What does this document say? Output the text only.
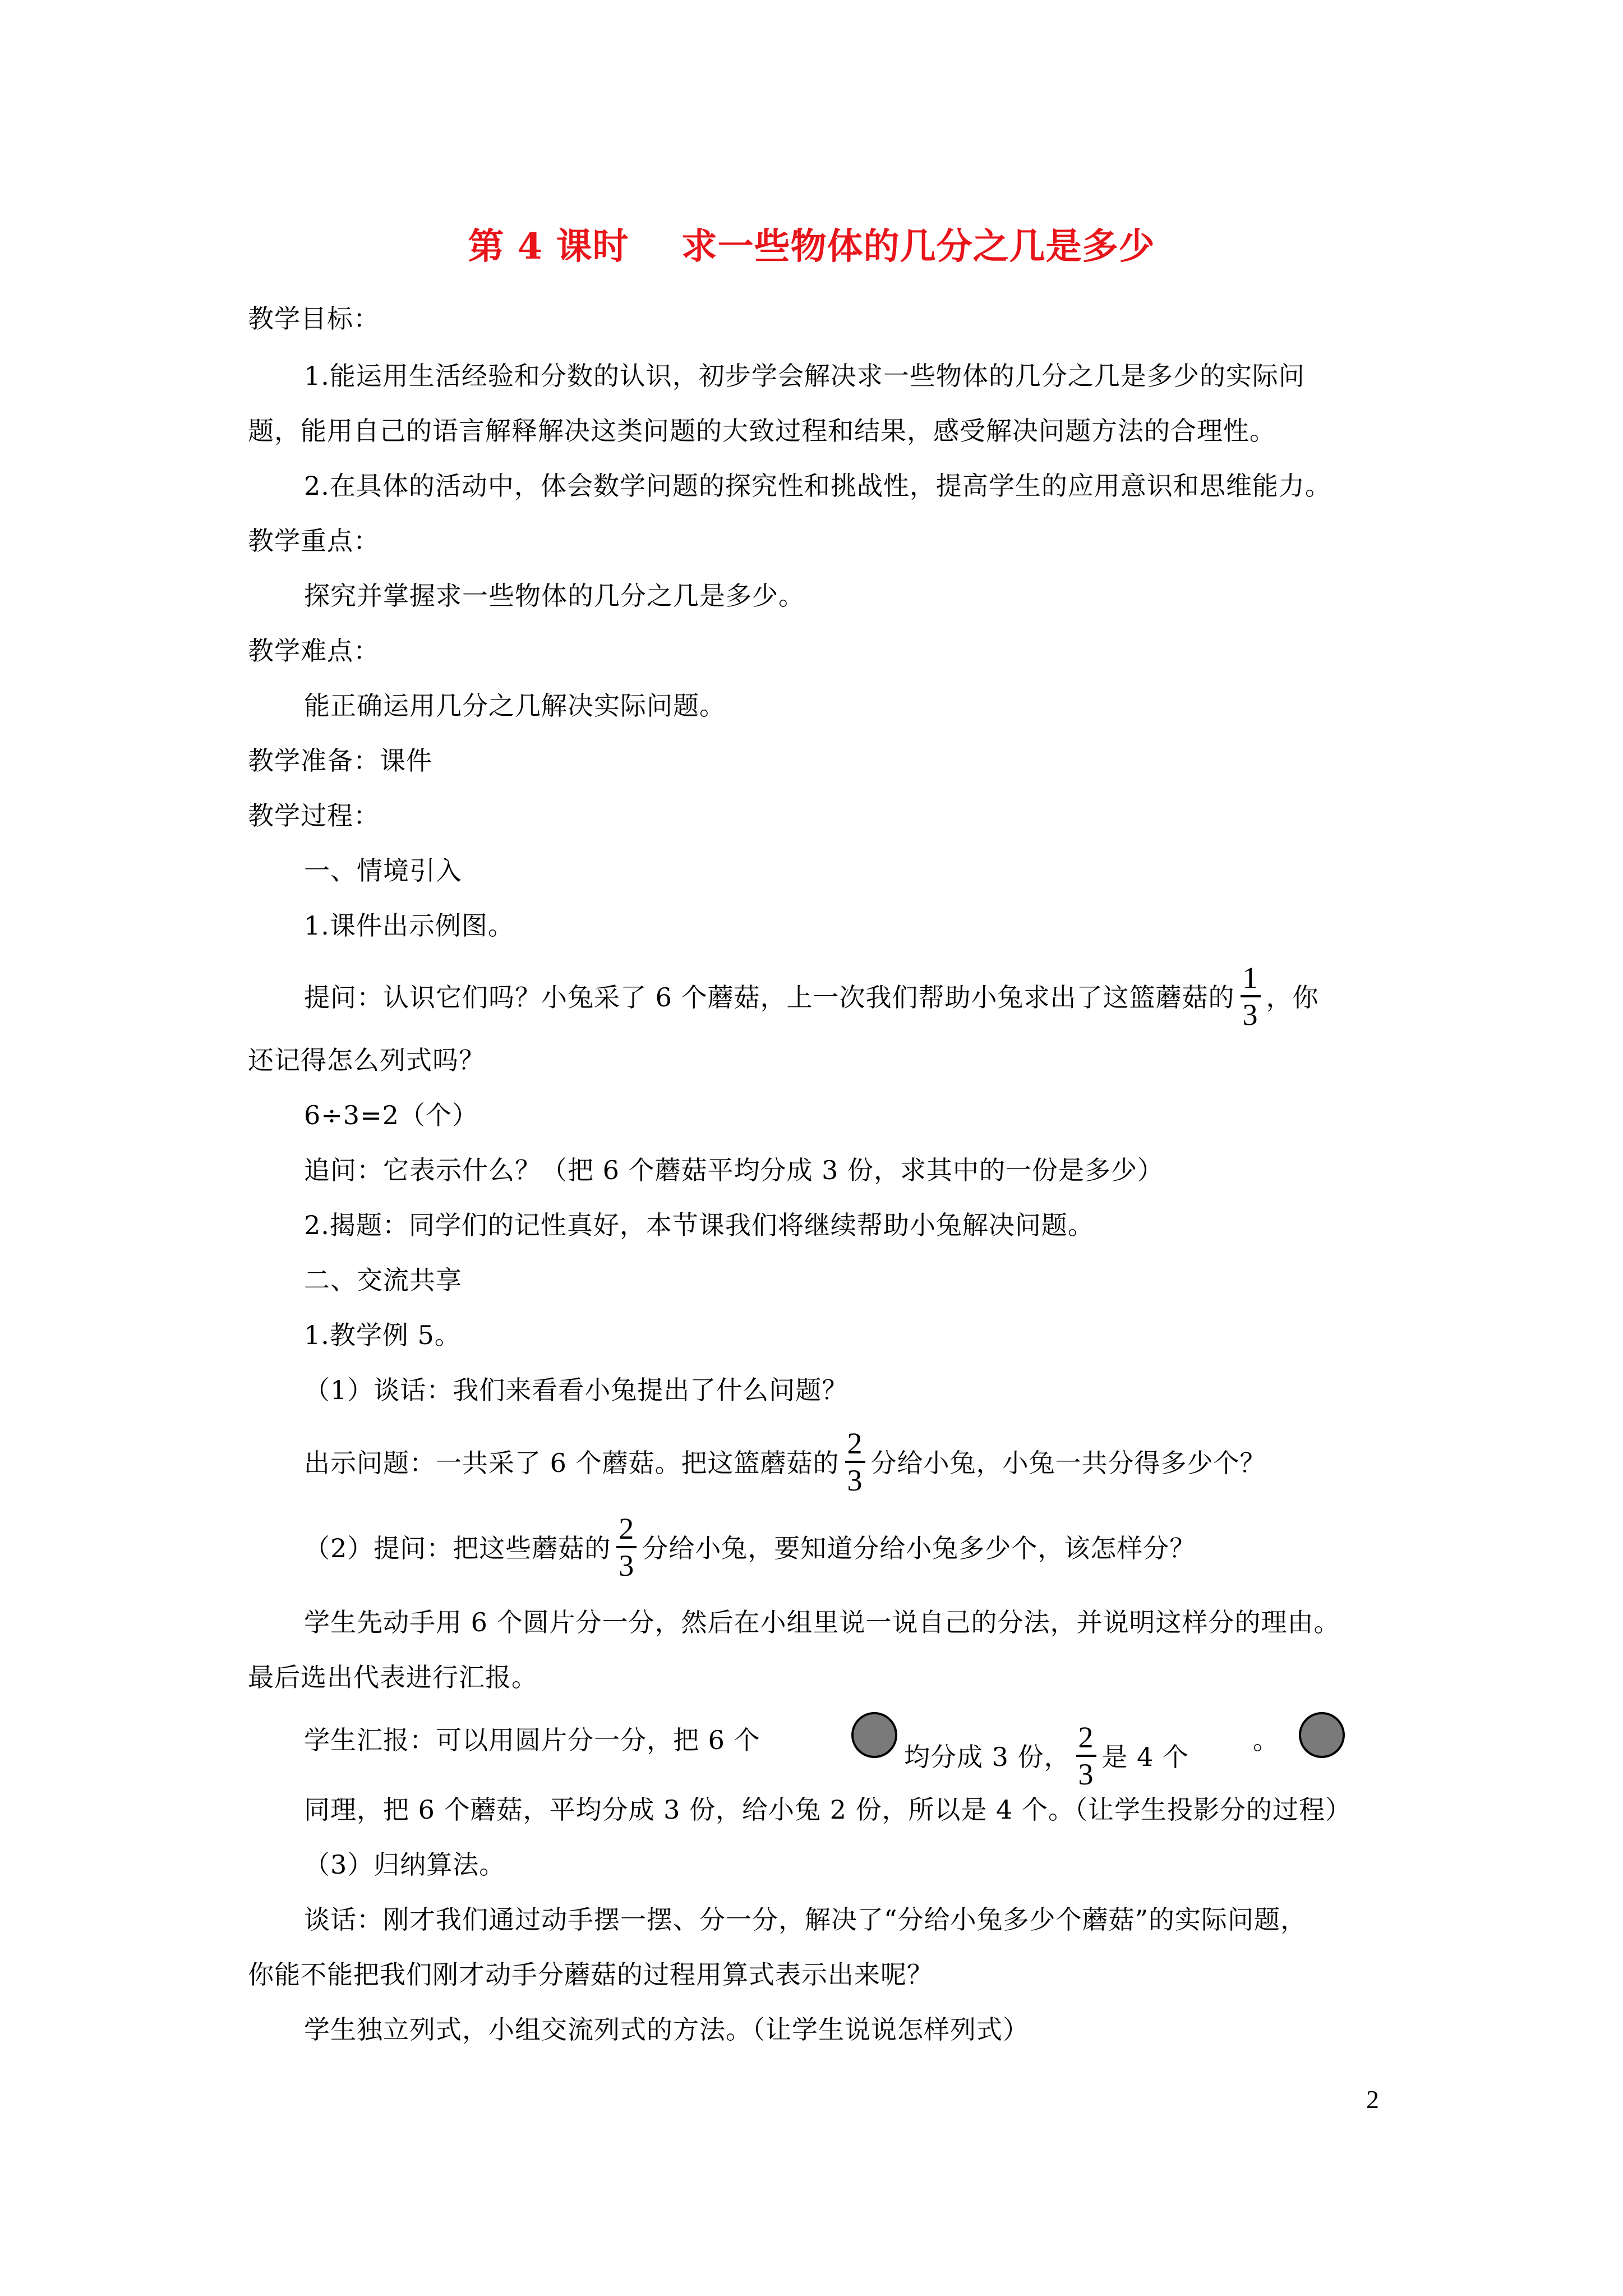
第 4 课时    求一些物体的几分之几是多少
教学目标：
1.能运用生活经验和分数的认识，初步学会解决求一些物体的几分之几是多少的实际问
题，能用自己的语言解释解决这类问题的大致过程和结果，感受解决问题方法的合理性。
2.在具体的活动中，体会数学问题的探究性和挑战性，提高学生的应用意识和思维能力。
教学重点：
探究并掌握求一些物体的几分之几是多少。
教学难点：
能正确运用几分之几解决实际问题。
教学准备：课件
教学过程：
一、情境引入
1.课件出示例图。
提问：认识它们吗？小兔采了 6 个蘑菇，上一次我们帮助小兔求出了这篮蘑菇的 $\frac{1}{3}$ ，你
还记得怎么列式吗？
6÷3=2（个）
追问：它表示什么？（把 6 个蘑菇平均分成 3 份，求其中的一份是多少）
2.揭题：同学们的记性真好，本节课我们将继续帮助小兔解决问题。
二、交流共享
1.教学例 5。
（1）谈话：我们来看看小兔提出了什么问题？
出示问题：一共采了 6 个蘑菇。把这篮蘑菇的 $\frac{2}{3}$ 分给小兔，小兔一共分得多少个？
（2）提问：把这些蘑菇的 $\frac{2}{3}$ 分给小兔，要知道分给小兔多少个，该怎样分？
学生先动手用 6 个圆片分一分，然后在小组里说一说自己的分法，并说明这样分的理由。
最后选出代表进行汇报。
学生汇报：可以用圆片分一分，把 6 个
均分成 3 份， $\frac{2}{3}$ 是 4 个
。
同理，把 6 个蘑菇，平均分成 3 份，给小兔 2 份，所以是 4 个。（让学生投影分的过程）
（3）归纳算法。
谈话：刚才我们通过动手摆一摆、分一分，解决了“分给小兔多少个蘑菇”的实际问题，
你能不能把我们刚才动手分蘑菇的过程用算式表示出来呢？
学生独立列式，小组交流列式的方法。（让学生说说怎样列式）
2
